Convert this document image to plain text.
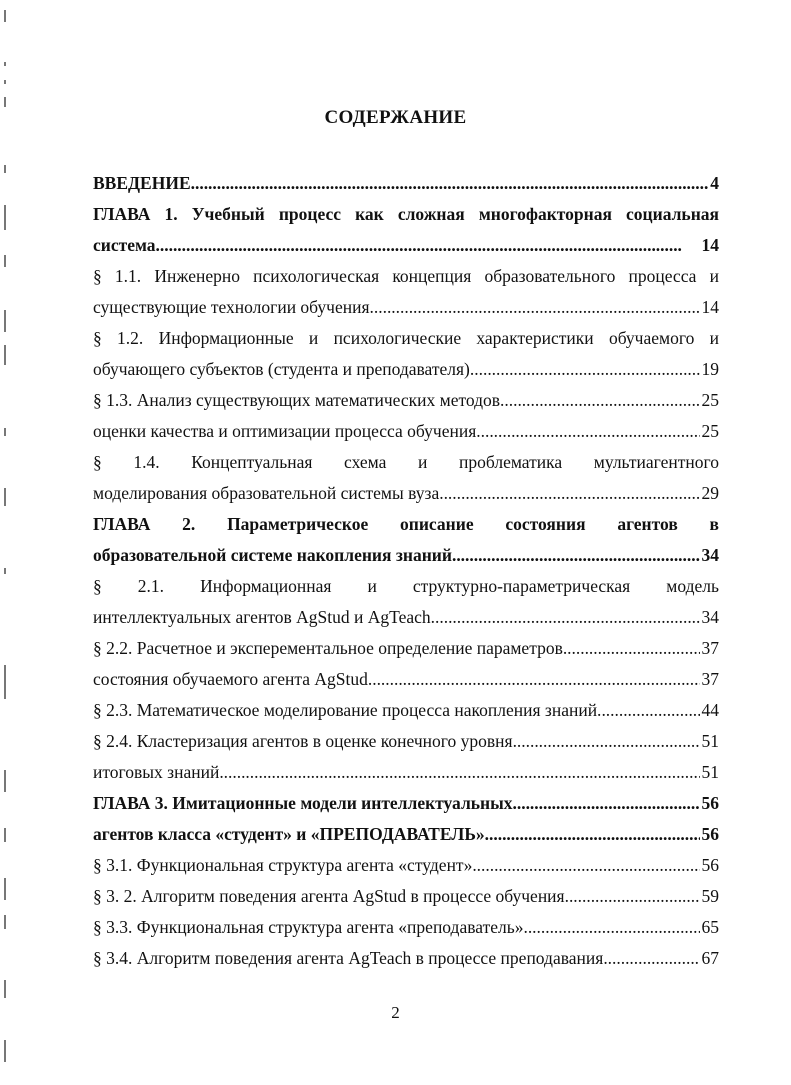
СОДЕРЖАНИЕ
ВВЕДЕНИЕ . . .	4
ГЛАВА 1. Учебный процесс как сложная многофакторная социальная
система . . .	14
§ 1.1. Инженерно психологическая концепция образовательного процесса и
существующие технологии обучения. . . .	14
§ 1.2. Информационные и психологические характеристики обучаемого и
обучающего субъектов (студента и преподавателя). . . .	19
§ 1.3. Анализ существующих математических методов . . .	25
оценки качества и оптимизации процесса обучения . . .	25
§ 1.4. Концептуальная схема и проблематика мультиагентного
моделирования образовательной системы вуза . . .	29
ГЛАВА 2. Параметрическое описание состояния агентов в
образовательной системе накопления знаний . . .	34
§ 2.1. Информационная и структурно-параметрическая модель
интеллектуальных агентов AgStud и AgTeach. . . .	34
§ 2.2. Расчетное и эксперементальное определение параметров . . .	37
состояния обучаемого агента AgStud. . . .	37
§ 2.3. Математическое моделирование процесса накопления знаний. . . .	44
§ 2.4. Кластеризация агентов в оценке конечного уровня . . .	51
итоговых знаний . . .	51
ГЛАВА 3. Имитационные модели интеллектуальных . . .	56
агентов класса «студент» и «ПРЕПОДАВАТЕЛЬ» . . .	56
§ 3.1. Функциональная структура агента «студент» . . .	56
§ 3. 2. Алгоритм поведения агента AgStud в процессе обучения . . .	59
§ 3.3. Функциональная структура агента «преподаватель». . . .	65
§ 3.4. Алгоритм поведения агента AgTeach в процессе преподавания . . .	67
2
